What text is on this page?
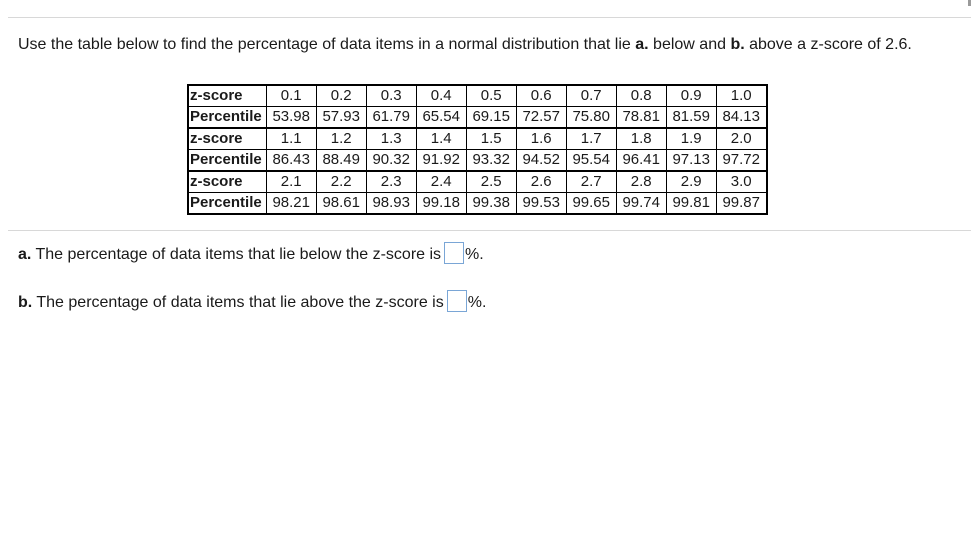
Use the table below to find the percentage of data items in a normal distribution that lie a. below and b. above a z-score of 2.6.
z-score	0.1	0.2	0.3	0.4	0.5	0.6	0.7	0.8	0.9	1.0
Percentile	53.98	57.93	61.79	65.54	69.15	72.57	75.80	78.81	81.59	84.13
z-score	1.1	1.2	1.3	1.4	1.5	1.6	1.7	1.8	1.9	2.0
Percentile	86.43	88.49	90.32	91.92	93.32	94.52	95.54	96.41	97.13	97.72
z-score	2.1	2.2	2.3	2.4	2.5	2.6	2.7	2.8	2.9	3.0
Percentile	98.21	98.61	98.93	99.18	99.38	99.53	99.65	99.74	99.81	99.87
a. The percentage of data items that lie below the z-score is %.
b. The percentage of data items that lie above the z-score is %.
